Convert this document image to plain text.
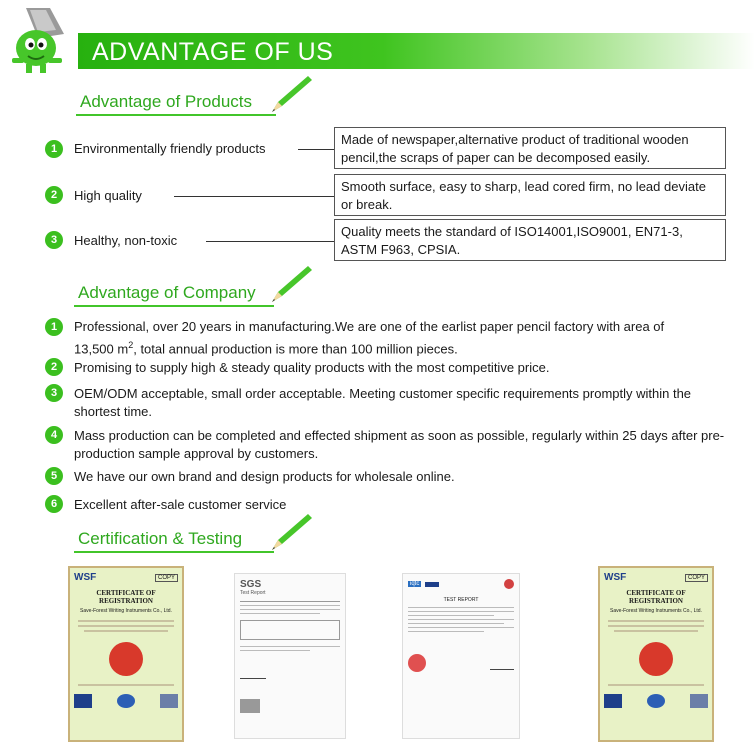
ADVANTAGE OF US
Advantage of Products
1	Environmentally friendly products
Made of newspaper,alternative product of traditional wooden pencil,the scraps of paper can be decomposed easily.
2	High quality
Smooth surface, easy to sharp, lead cored firm, no lead deviate or break.
3	Healthy, non-toxic
Quality meets the standard of ISO14001,ISO9001, EN71-3, ASTM F963, CPSIA.
Advantage of Company
1	Professional, over 20 years in manufacturing.We are one of the earlist paper pencil factory with area of
13,500 $m^2$, total annual production is more than 100 million pieces.
2	Promising to supply high & steady quality products with the most competitive price.
3	OEM/ODM acceptable, small order acceptable. Meeting customer specific requirements promptly within the shortest time.
4	Mass production can be completed and effected shipment as soon as possible, regularly within 25 days after pre-production sample approval by customers.
5	We have our own brand and design products for wholesale online.
6	Excellent after-sale customer service
Certification & Testing
WSF	COPY
CERTIFICATE OF REGISTRATION
Save-Forest Writing Instruments Co., Ltd.
SGS
Test Report
iqtc
TEST REPORT
WSF	COPY
CERTIFICATE OF REGISTRATION
Save-Forest Writing Instruments Co., Ltd.
